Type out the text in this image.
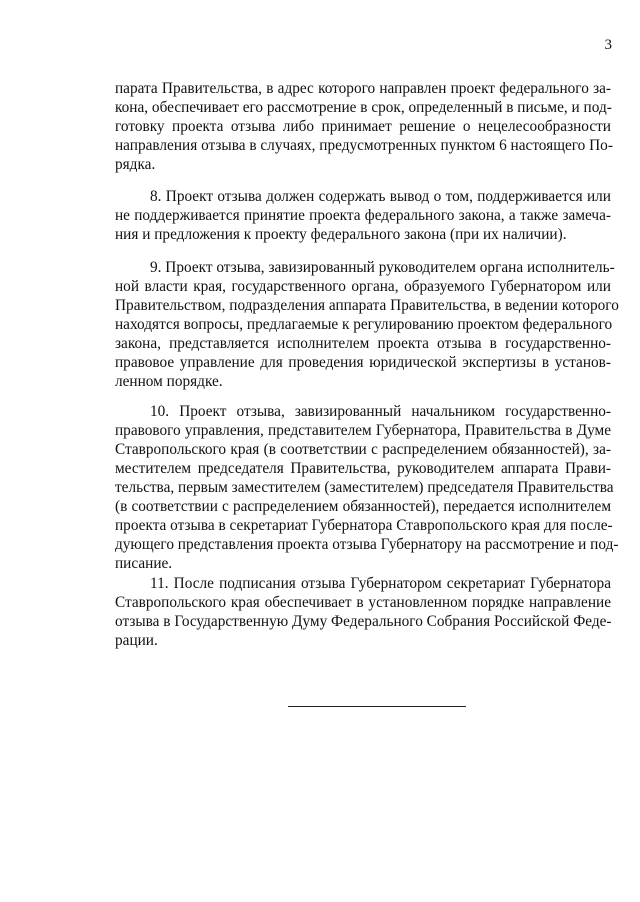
3
парата Правительства, в адрес которого направлен проект федерального за-
кона, обеспечивает его рассмотрение в срок, определенный в письме, и под-
готовку проекта отзыва либо принимает решение о нецелесообразности
направления отзыва в случаях, предусмотренных пунктом 6 настоящего По-
рядка.
8. Проект отзыва должен содержать вывод о том, поддерживается или
не поддерживается принятие проекта федерального закона, а также замеча-
ния и предложения к проекту федерального закона (при их наличии).
9. Проект отзыва, завизированный руководителем органа исполнитель-
ной власти края, государственного органа, образуемого Губернатором или
Правительством, подразделения аппарата Правительства, в ведении которого
находятся вопросы, предлагаемые к регулированию проектом федерального
закона, представляется исполнителем проекта отзыва в государственно-
правовое управление для проведения юридической экспертизы в установ-
ленном порядке.
10. Проект отзыва, завизированный начальником государственно-
правового управления, представителем Губернатора, Правительства в Думе
Ставропольского края (в соответствии с распределением обязанностей), за-
местителем председателя Правительства, руководителем аппарата Прави-
тельства, первым заместителем (заместителем) председателя Правительства
(в соответствии с распределением обязанностей), передается исполнителем
проекта отзыва в секретариат Губернатора Ставропольского края для после-
дующего представления проекта отзыва Губернатору на рассмотрение и под-
писание.
11. После подписания отзыва Губернатором секретариат Губернатора
Ставропольского края обеспечивает в установленном порядке направление
отзыва в Государственную Думу Федерального Собрания Российской Феде-
рации.
